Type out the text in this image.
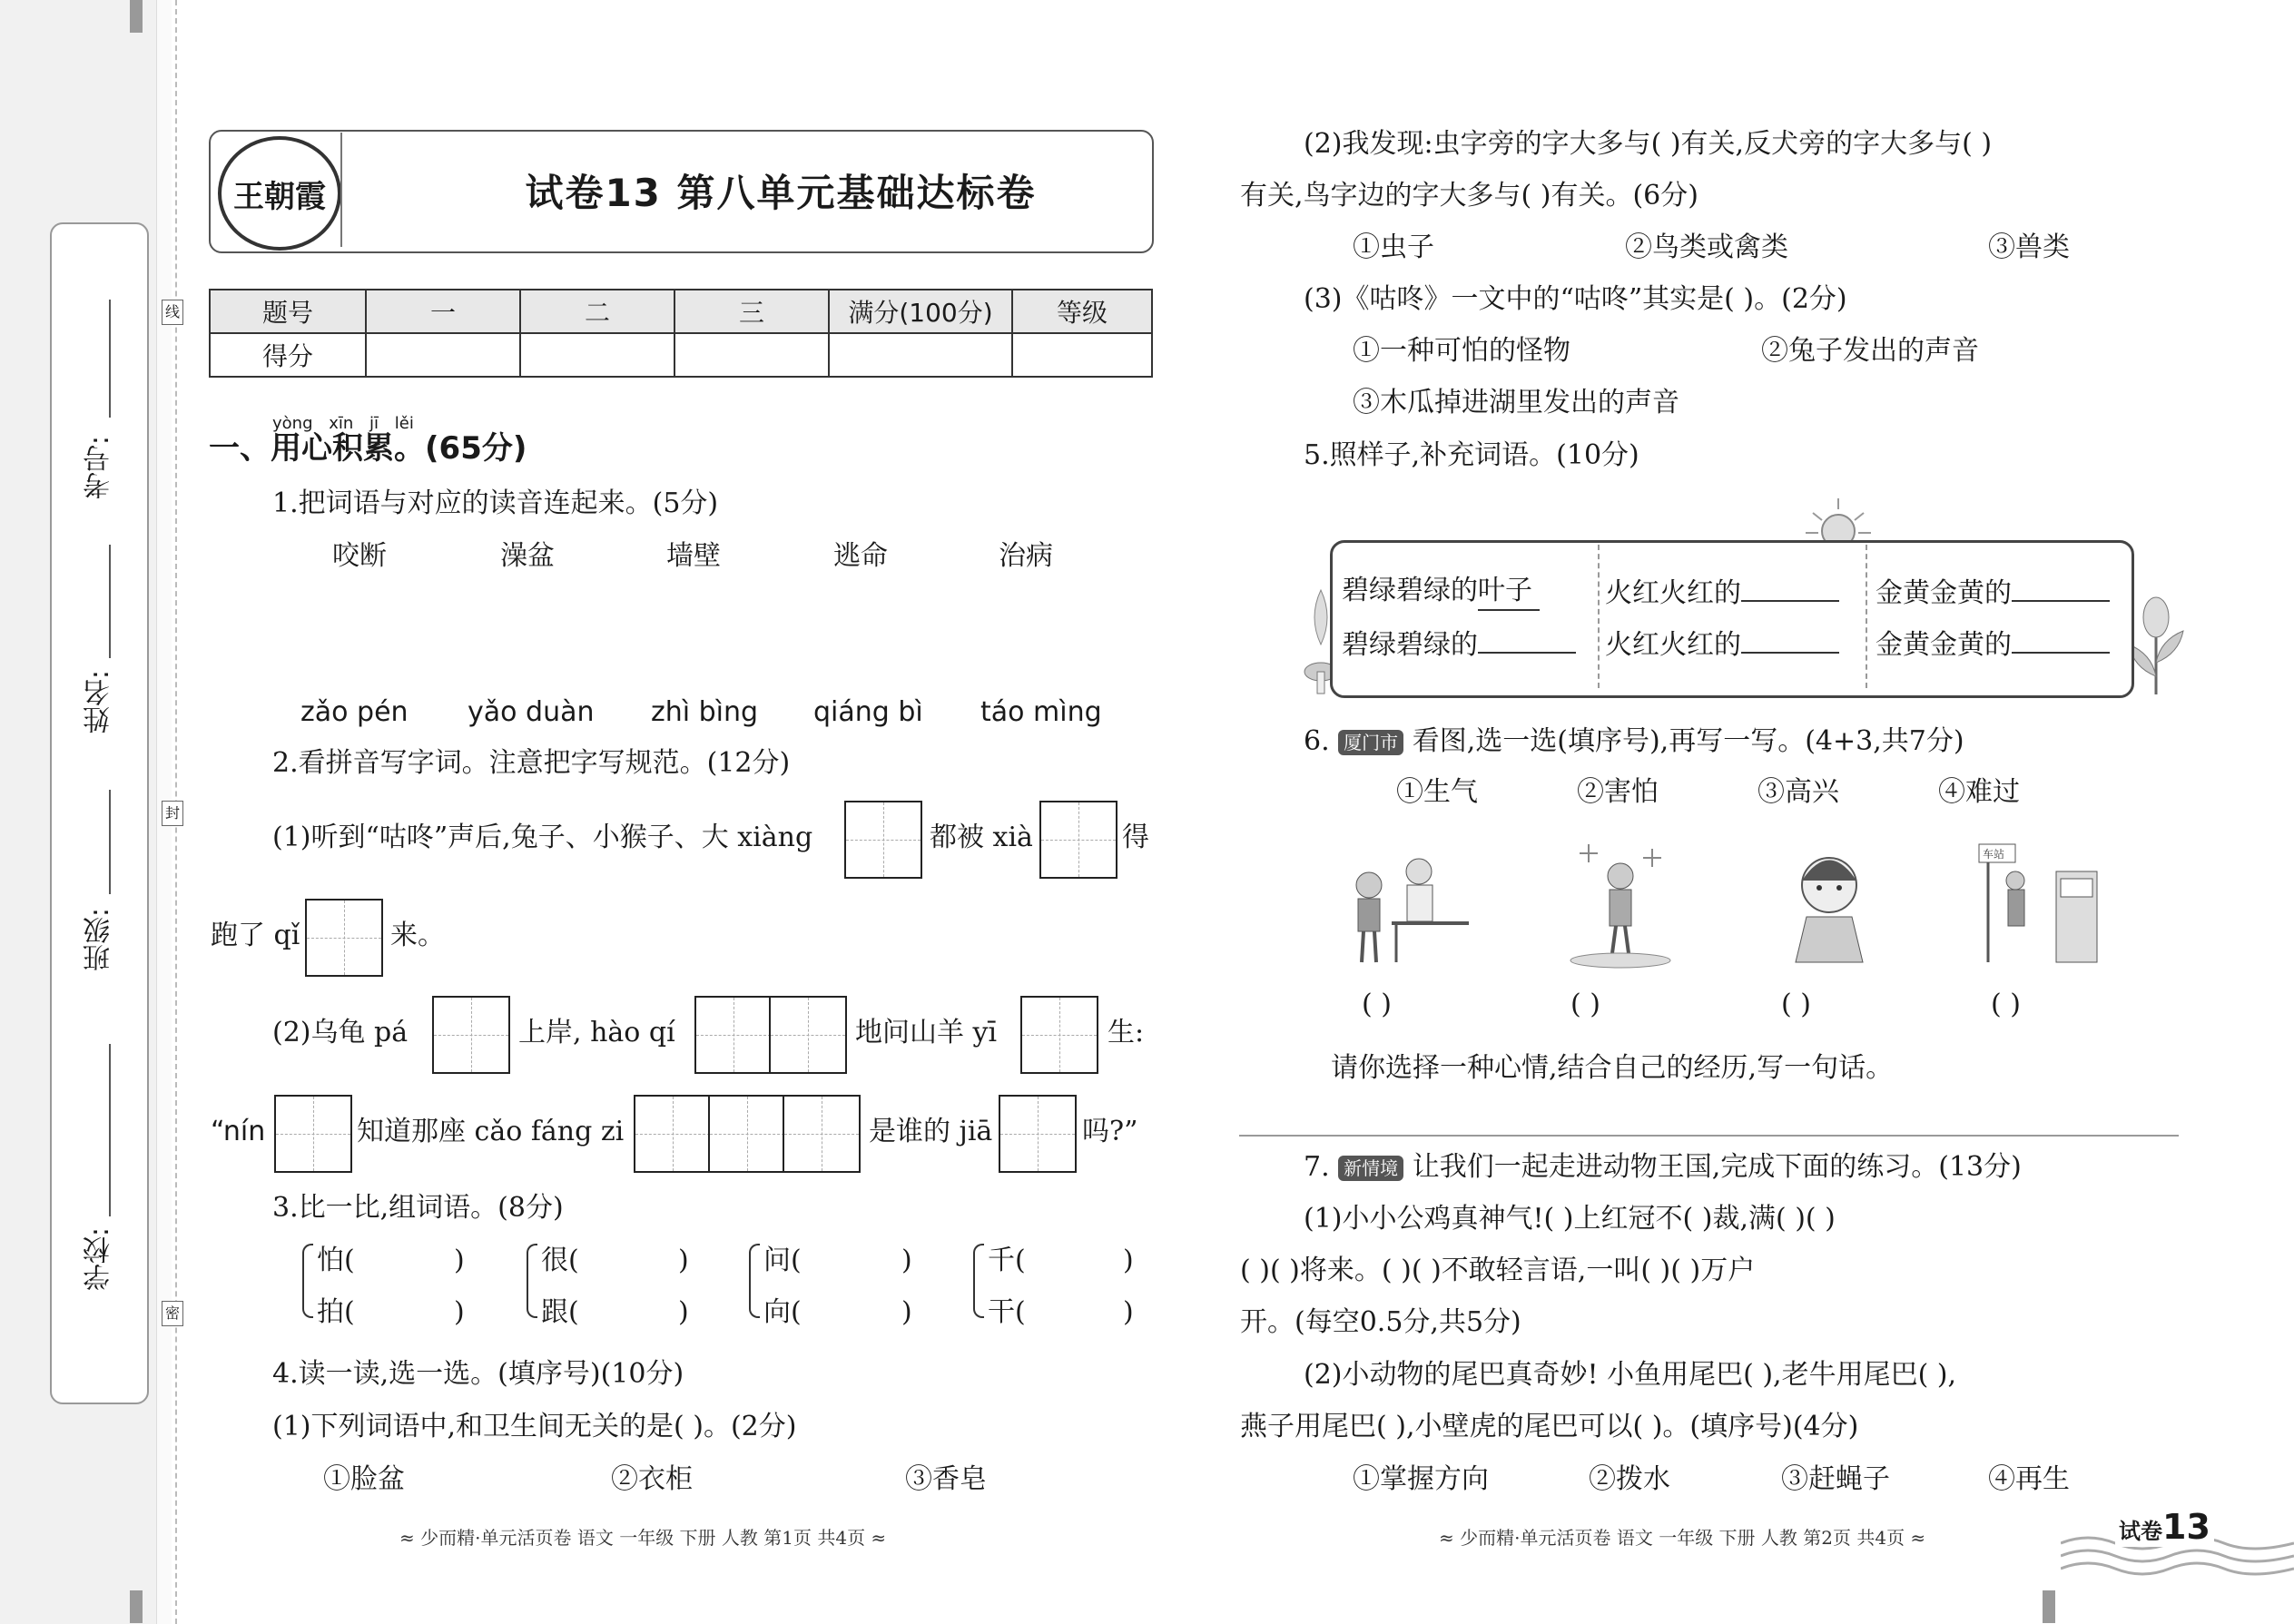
线
封
密
考号:
姓名:
班级:
学校:
王朝霞	试卷13 第八单元基础达标卷
题号	一	二	三	满分(100分)	等级
得分					
yòng xīn jī lěi
一、用心积累。(65分)
1.把词语与对应的读音连起来。(5分)
咬断	澡盆	墙壁	逃命	治病
zǎo pén yǎo duàn zhì bìng qiáng bì táo mìng
2.看拼音写字词。注意把字写规范。(12分)
(1)听到“咕咚”声后,兔子、小猴子、大 xiàng	都被 xià	得
跑了 qǐ	来。
(2)乌龟 pá	上岸, hào qí	地问山羊 yī	生:
“nín	知道那座 cǎo fáng zi	是谁的 jiā	吗?”
3.比一比,组词语。(8分)
怕(
拍(
)
)
很(
跟(
)
)
问(
向(
)
)
千(
干(
)
)
4.读一读,选一选。(填序号)(10分)
(1)下列词语中,和卫生间无关的是( )。(2分)
①脸盆	②衣柜	③香皂
≈ 少而精·单元活页卷 语文 一年级 下册 人教 第1页 共4页 ≈
(2)我发现:虫字旁的字大多与( )有关,反犬旁的字大多与( )
有关,鸟字边的字大多与( )有关。(6分)
①虫子	②鸟类或禽类	③兽类
(3)《咕咚》一文中的“咕咚”其实是( )。(2分)
①一种可怕的怪物	②兔子发出的声音
③木瓜掉进湖里发出的声音
5.照样子,补充词语。(10分)
碧绿碧绿的叶子	火红火红的	金黄金黄的
碧绿碧绿的	火红火红的	金黄金黄的
6. 厦门市 看图,选一选(填序号),再写一写。(4+3,共7分)
①生气	②害怕	③高兴	④难过
车站
( )	( )	( )	( )
请你选择一种心情,结合自己的经历,写一句话。
7. 新情境 让我们一起走进动物王国,完成下面的练习。(13分)
(1)小小公鸡真神气!( )上红冠不( )裁,满( )( )
( )( )将来。( )( )不敢轻言语,一叫( )( )万户
开。(每空0.5分,共5分)
(2)小动物的尾巴真奇妙! 小鱼用尾巴( ),老牛用尾巴( ),
燕子用尾巴( ),小壁虎的尾巴可以( )。(填序号)(4分)
①掌握方向	②拨水	③赶蝇子	④再生
≈ 少而精·单元活页卷 语文 一年级 下册 人教 第2页 共4页 ≈	试卷13
